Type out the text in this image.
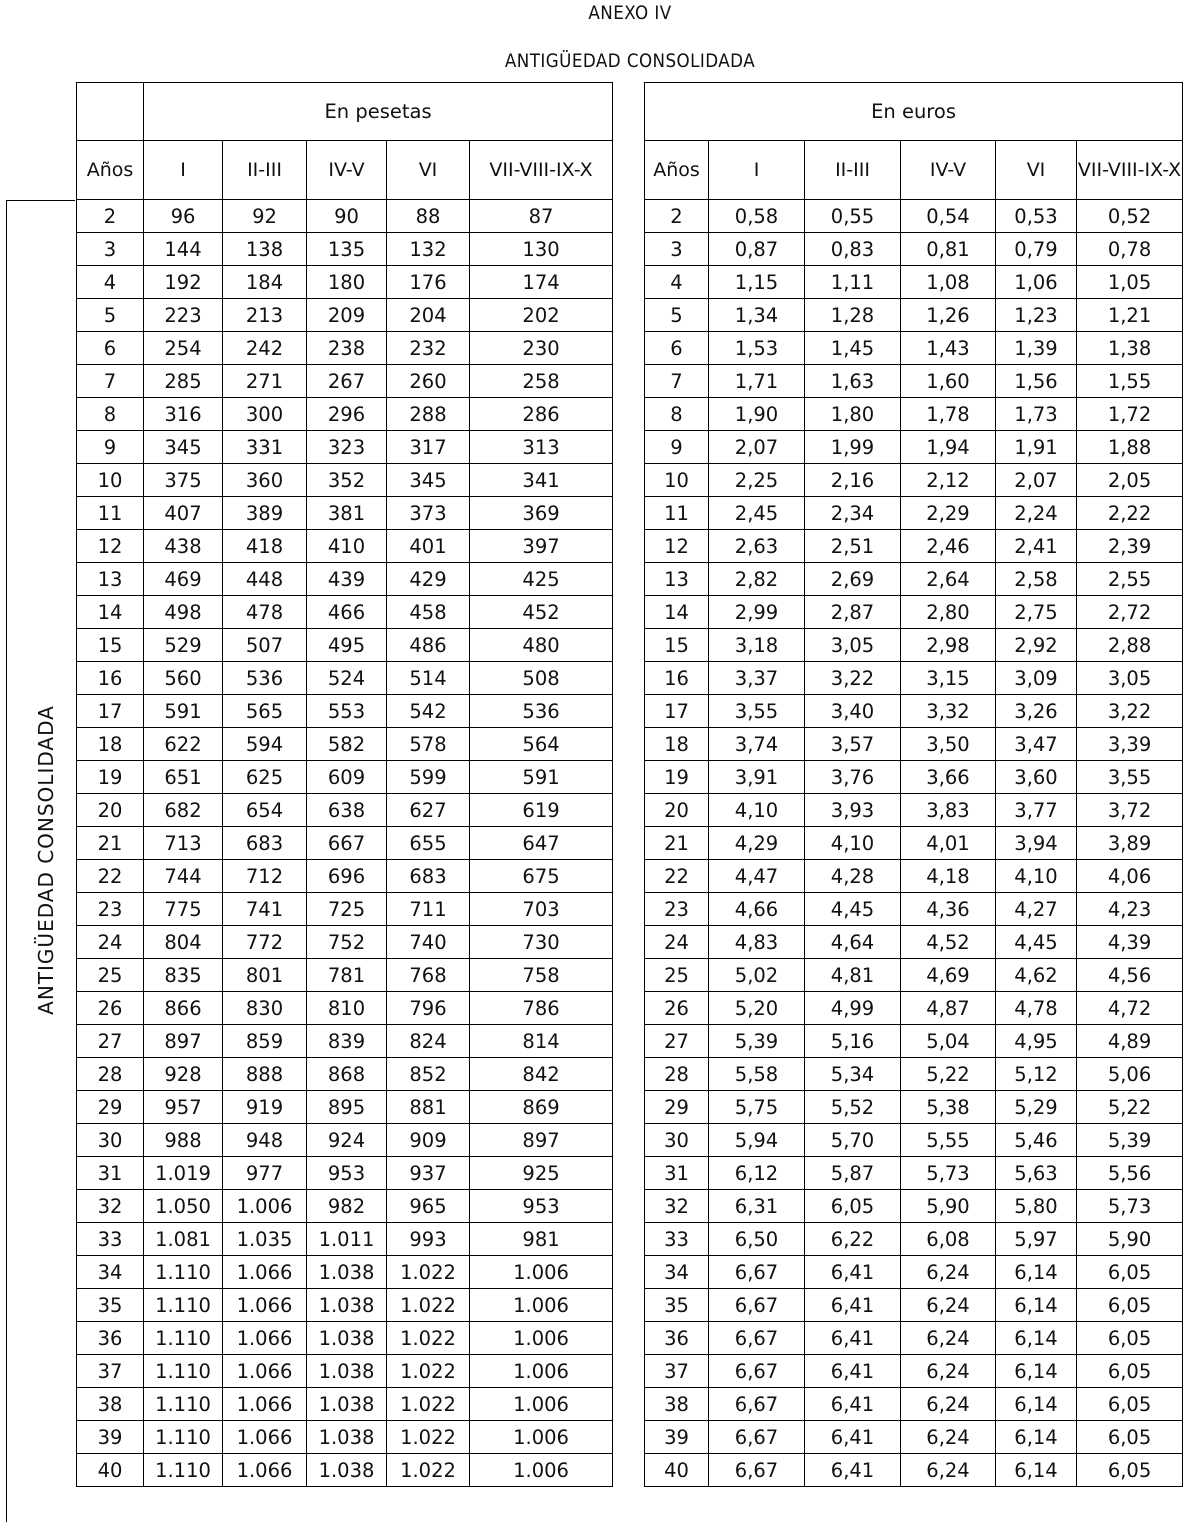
ANEXO IV
ANTIGÜEDAD CONSOLIDADA
ANTIGÜEDAD CONSOLIDADA
	En pesetas				
Años	I	II-III	IV-V	VI	VII-VIII-IX-X
2	96	92	90	88	87
3	144	138	135	132	130
4	192	184	180	176	174
5	223	213	209	204	202
6	254	242	238	232	230
7	285	271	267	260	258
8	316	300	296	288	286
9	345	331	323	317	313
10	375	360	352	345	341
11	407	389	381	373	369
12	438	418	410	401	397
13	469	448	439	429	425
14	498	478	466	458	452
15	529	507	495	486	480
16	560	536	524	514	508
17	591	565	553	542	536
18	622	594	582	578	564
19	651	625	609	599	591
20	682	654	638	627	619
21	713	683	667	655	647
22	744	712	696	683	675
23	775	741	725	711	703
24	804	772	752	740	730
25	835	801	781	768	758
26	866	830	810	796	786
27	897	859	839	824	814
28	928	888	868	852	842
29	957	919	895	881	869
30	988	948	924	909	897
31	1.019	977	953	937	925
32	1.050	1.006	982	965	953
33	1.081	1.035	1.011	993	981
34	1.110	1.066	1.038	1.022	1.006
35	1.110	1.066	1.038	1.022	1.006
36	1.110	1.066	1.038	1.022	1.006
37	1.110	1.066	1.038	1.022	1.006
38	1.110	1.066	1.038	1.022	1.006
39	1.110	1.066	1.038	1.022	1.006
40	1.110	1.066	1.038	1.022	1.006
En euros					
Años	I	II-III	IV-V	VI	VII-VIII-IX-X
2	0,58	0,55	0,54	0,53	0,52
3	0,87	0,83	0,81	0,79	0,78
4	1,15	1,11	1,08	1,06	1,05
5	1,34	1,28	1,26	1,23	1,21
6	1,53	1,45	1,43	1,39	1,38
7	1,71	1,63	1,60	1,56	1,55
8	1,90	1,80	1,78	1,73	1,72
9	2,07	1,99	1,94	1,91	1,88
10	2,25	2,16	2,12	2,07	2,05
11	2,45	2,34	2,29	2,24	2,22
12	2,63	2,51	2,46	2,41	2,39
13	2,82	2,69	2,64	2,58	2,55
14	2,99	2,87	2,80	2,75	2,72
15	3,18	3,05	2,98	2,92	2,88
16	3,37	3,22	3,15	3,09	3,05
17	3,55	3,40	3,32	3,26	3,22
18	3,74	3,57	3,50	3,47	3,39
19	3,91	3,76	3,66	3,60	3,55
20	4,10	3,93	3,83	3,77	3,72
21	4,29	4,10	4,01	3,94	3,89
22	4,47	4,28	4,18	4,10	4,06
23	4,66	4,45	4,36	4,27	4,23
24	4,83	4,64	4,52	4,45	4,39
25	5,02	4,81	4,69	4,62	4,56
26	5,20	4,99	4,87	4,78	4,72
27	5,39	5,16	5,04	4,95	4,89
28	5,58	5,34	5,22	5,12	5,06
29	5,75	5,52	5,38	5,29	5,22
30	5,94	5,70	5,55	5,46	5,39
31	6,12	5,87	5,73	5,63	5,56
32	6,31	6,05	5,90	5,80	5,73
33	6,50	6,22	6,08	5,97	5,90
34	6,67	6,41	6,24	6,14	6,05
35	6,67	6,41	6,24	6,14	6,05
36	6,67	6,41	6,24	6,14	6,05
37	6,67	6,41	6,24	6,14	6,05
38	6,67	6,41	6,24	6,14	6,05
39	6,67	6,41	6,24	6,14	6,05
40	6,67	6,41	6,24	6,14	6,05
